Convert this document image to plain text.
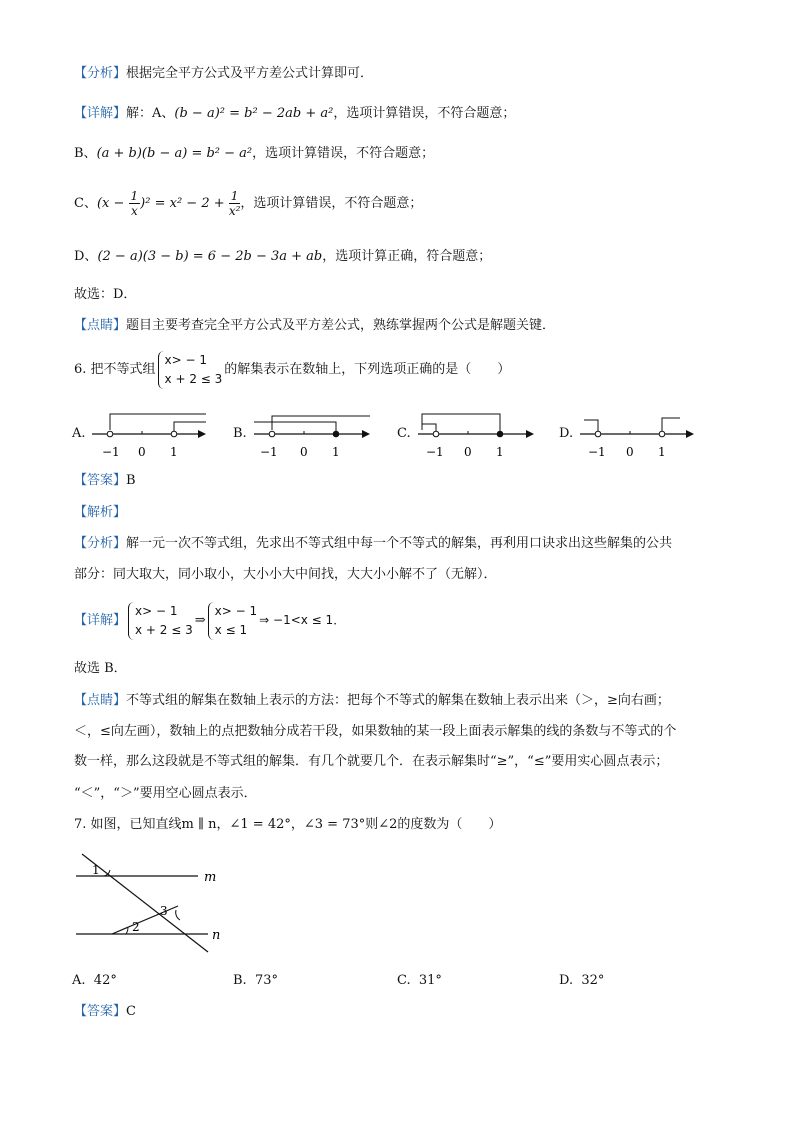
【分析】根据完全平方公式及平方差公式计算即可．
【详解】解：A、(b − a)² = b² − 2ab + a²，选项计算错误，不符合题意；
B、(a + b)(b − a) = b² − a²，选项计算错误，不符合题意；
C、$(x - \frac{1}{x} )^2 = x^2 - 2 + \frac{1}{\text{x²}}$ ，选项计算错误，不符合题意；
D、(2 − a)(3 − b) = 6 − 2b − 3a + ab，选项计算正确，符合题意；
故选：D．
【点睛】题目主要考查完全平方公式及平方差公式，熟练掌握两个公式是解题关键．
6. 把不等式组
x> − 1
x + 2 ≤ 3
的解集表示在数轴上，下列选项正确的是（　　）
A.
−1 0 1
B.
−1 0 1
C.
−1 0 1
D.
−1 0 1
【答案】B
【解析】
【分析】解一元一次不等式组，先求出不等式组中每一个不等式的解集，再利用口诀求出这些解集的公共
部分：同大取大，同小取小，大小小大中间找，大大小小解不了（无解）．
【详解】
x> − 1
x + 2 ≤ 3
⇒
x> − 1
x ≤ 1
⇒ −1<x ≤ 1．
故选 B．
【点睛】不等式组的解集在数轴上表示的方法：把每个不等式的解集在数轴上表示出来（＞，≥向右画；
＜，≤向左画），数轴上的点把数轴分成若干段，如果数轴的某一段上面表示解集的线的条数与不等式的个
数一样，那么这段就是不等式组的解集．有几个就要几个．在表示解集时“≥”，“≤”要用实心圆点表示；
“＜”，“＞”要用空心圆点表示．
7. 如图，已知直线m ∥ n，∠1 = 42°，∠3 = 73°则∠2的度数为（　　）
m
n
1
2
3
A. 42°	B. 73°	C. 31°	D. 32°
【答案】C
